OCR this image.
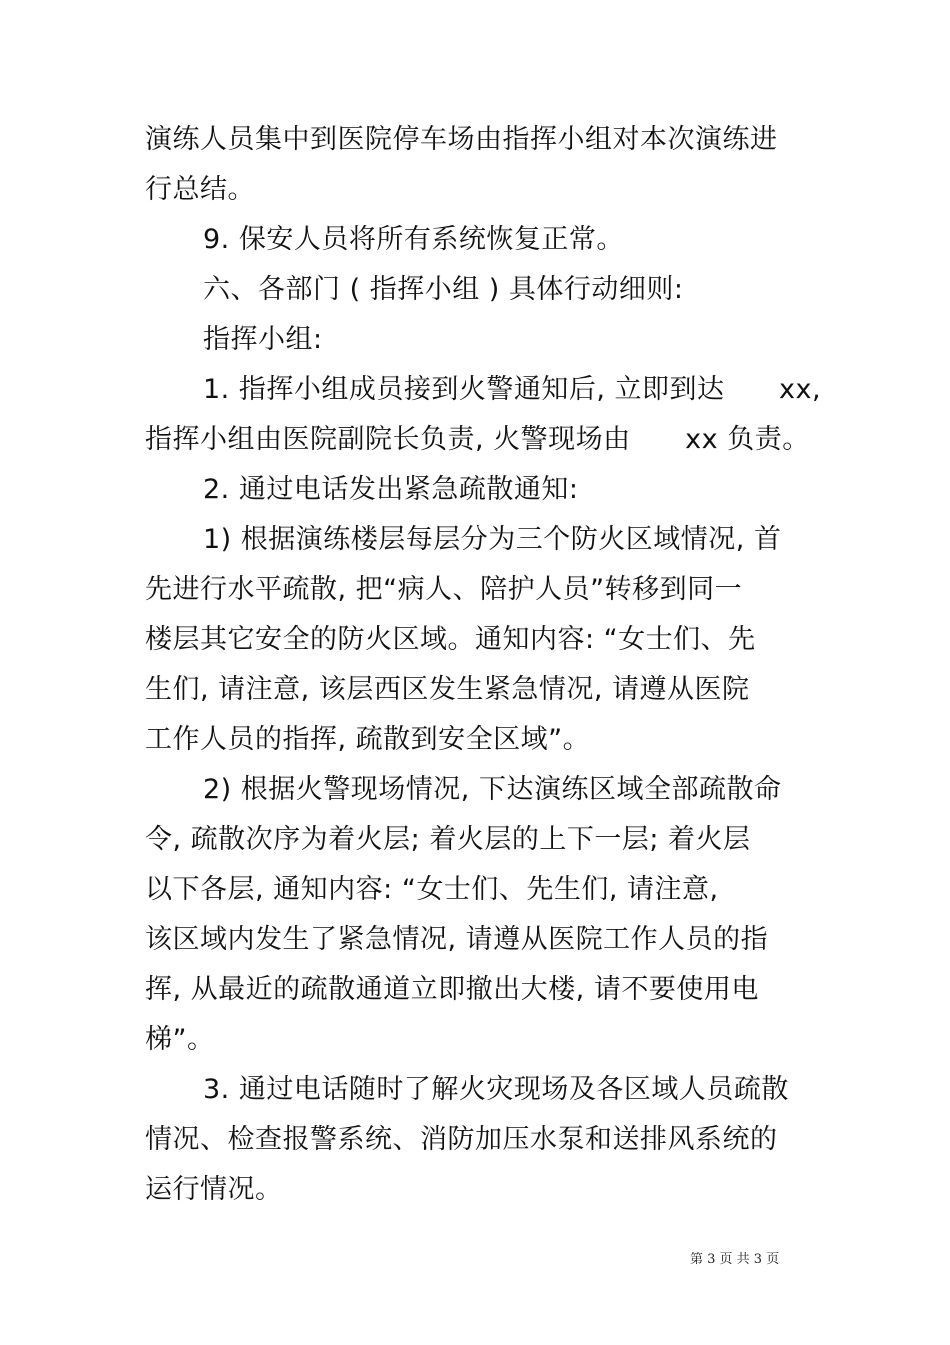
演练人员集中到医院停车场由指挥小组对本次演练进
行总结。
9. 保安人员将所有系统恢复正常。
六、各部门 ( 指挥小组 ) 具体行动细则:
指挥小组:
1. 指挥小组成员接到火警通知后, 立即到达      xx,
指挥小组由医院副院长负责, 火警现场由      xx 负责。
2. 通过电话发出紧急疏散通知:
1) 根据演练楼层每层分为三个防火区域情况, 首
先进行水平疏散, 把“病人、陪护人员”转移到同一
楼层其它安全的防火区域。通知内容: “女士们、先
生们, 请注意, 该层西区发生紧急情况, 请遵从医院
工作人员的指挥, 疏散到安全区域”。
2) 根据火警现场情况, 下达演练区域全部疏散命
令, 疏散次序为着火层; 着火层的上下一层; 着火层
以下各层, 通知内容: “女士们、先生们, 请注意,
该区域内发生了紧急情况, 请遵从医院工作人员的指
挥, 从最近的疏散通道立即撤出大楼, 请不要使用电
梯”。
3. 通过电话随时了解火灾现场及各区域人员疏散
情况、检查报警系统、消防加压水泵和送排风系统的
运行情况。
第 3 页 共 3 页
